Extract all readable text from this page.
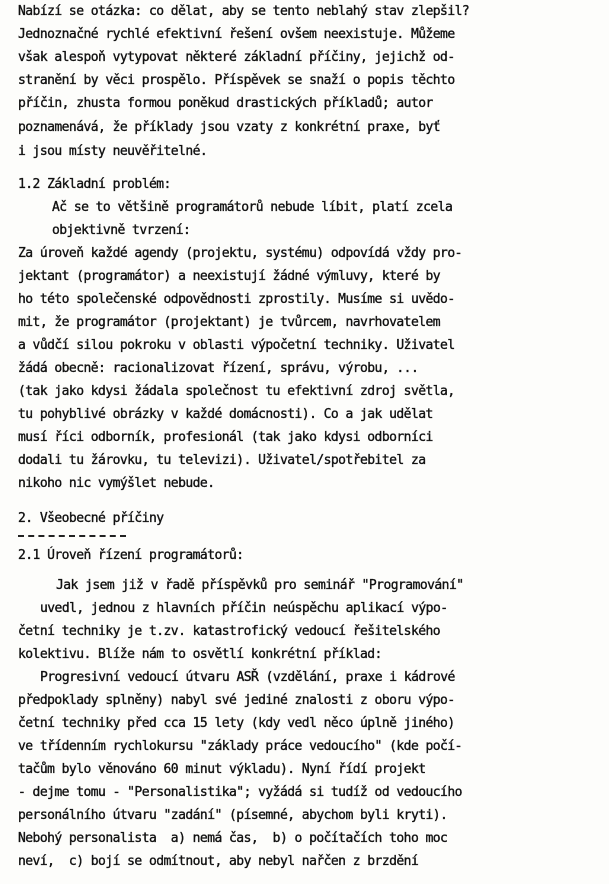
Nabízí se otázka: co dělat, aby se tento neblahý stav zlepšil?
Jednoznačné rychlé efektivní řešení ovšem neexistuje. Můžeme
však alespoň vytypovat některé základní příčiny, jejichž od-
stranění by věci prospělo. Příspěvek se snaží o popis těchto
příčin, zhusta formou poněkud drastických příkladů; autor
poznamenává, že příklady jsou vzaty z konkrétní praxe, byť
i jsou místy neuvěřitelné.
1.2 Základní problém:
Ač se to většině programátorů nebude líbit, platí zcela
objektivně tvrzení:
Za úroveň každé agendy (projektu, systému) odpovídá vždy pro-
jektant (programátor) a neexistují žádné výmluvy, které by
ho této společenské odpovědnosti zprostily. Musíme si uvědo-
mit, že programátor (projektant) je tvůrcem, navrhovatelem
a vůdčí silou pokroku v oblasti výpočetní techniky. Uživatel
žádá obecně: racionalizovat řízení, správu, výrobu, ...
(tak jako kdysi žádala společnost tu efektivní zdroj světla,
tu pohyblivé obrázky v každé domácnosti). Co a jak udělat
musí říci odborník, profesionál (tak jako kdysi odborníci
dodali tu žárovku, tu televizi). Uživatel/spotřebitel za
nikoho nic vymýšlet nebude.
2. Všeobecné příčiny
2.1 Úroveň řízení programátorů:
Jak jsem již v řadě příspěvků pro seminář "Programování"
uvedl, jednou z hlavních příčin neúspěchu aplikací výpo-
četní techniky je t.zv. katastrofický vedoucí řešitelského
kolektivu. Blíže nám to osvětlí konkrétní příklad:
Progresivní vedoucí útvaru ASŘ (vzdělání, praxe i kádrové
předpoklady splněny) nabyl své jediné znalosti z oboru výpo-
četní techniky před cca 15 lety (kdy vedl něco úplně jiného)
ve třídenním rychlokursu "základy práce vedoucího" (kde počí-
tačům bylo věnováno 60 minut výkladu). Nyní řídí projekt
- dejme tomu - "Personalistika"; vyžádá si tudíž od vedoucího
personálního útvaru "zadání" (písemné, abychom byli kryti).
Nebohý personalista  a) nemá čas,  b) o počítačích toho moc
neví,  c) bojí se odmítnout, aby nebyl nařčen z brzdění
